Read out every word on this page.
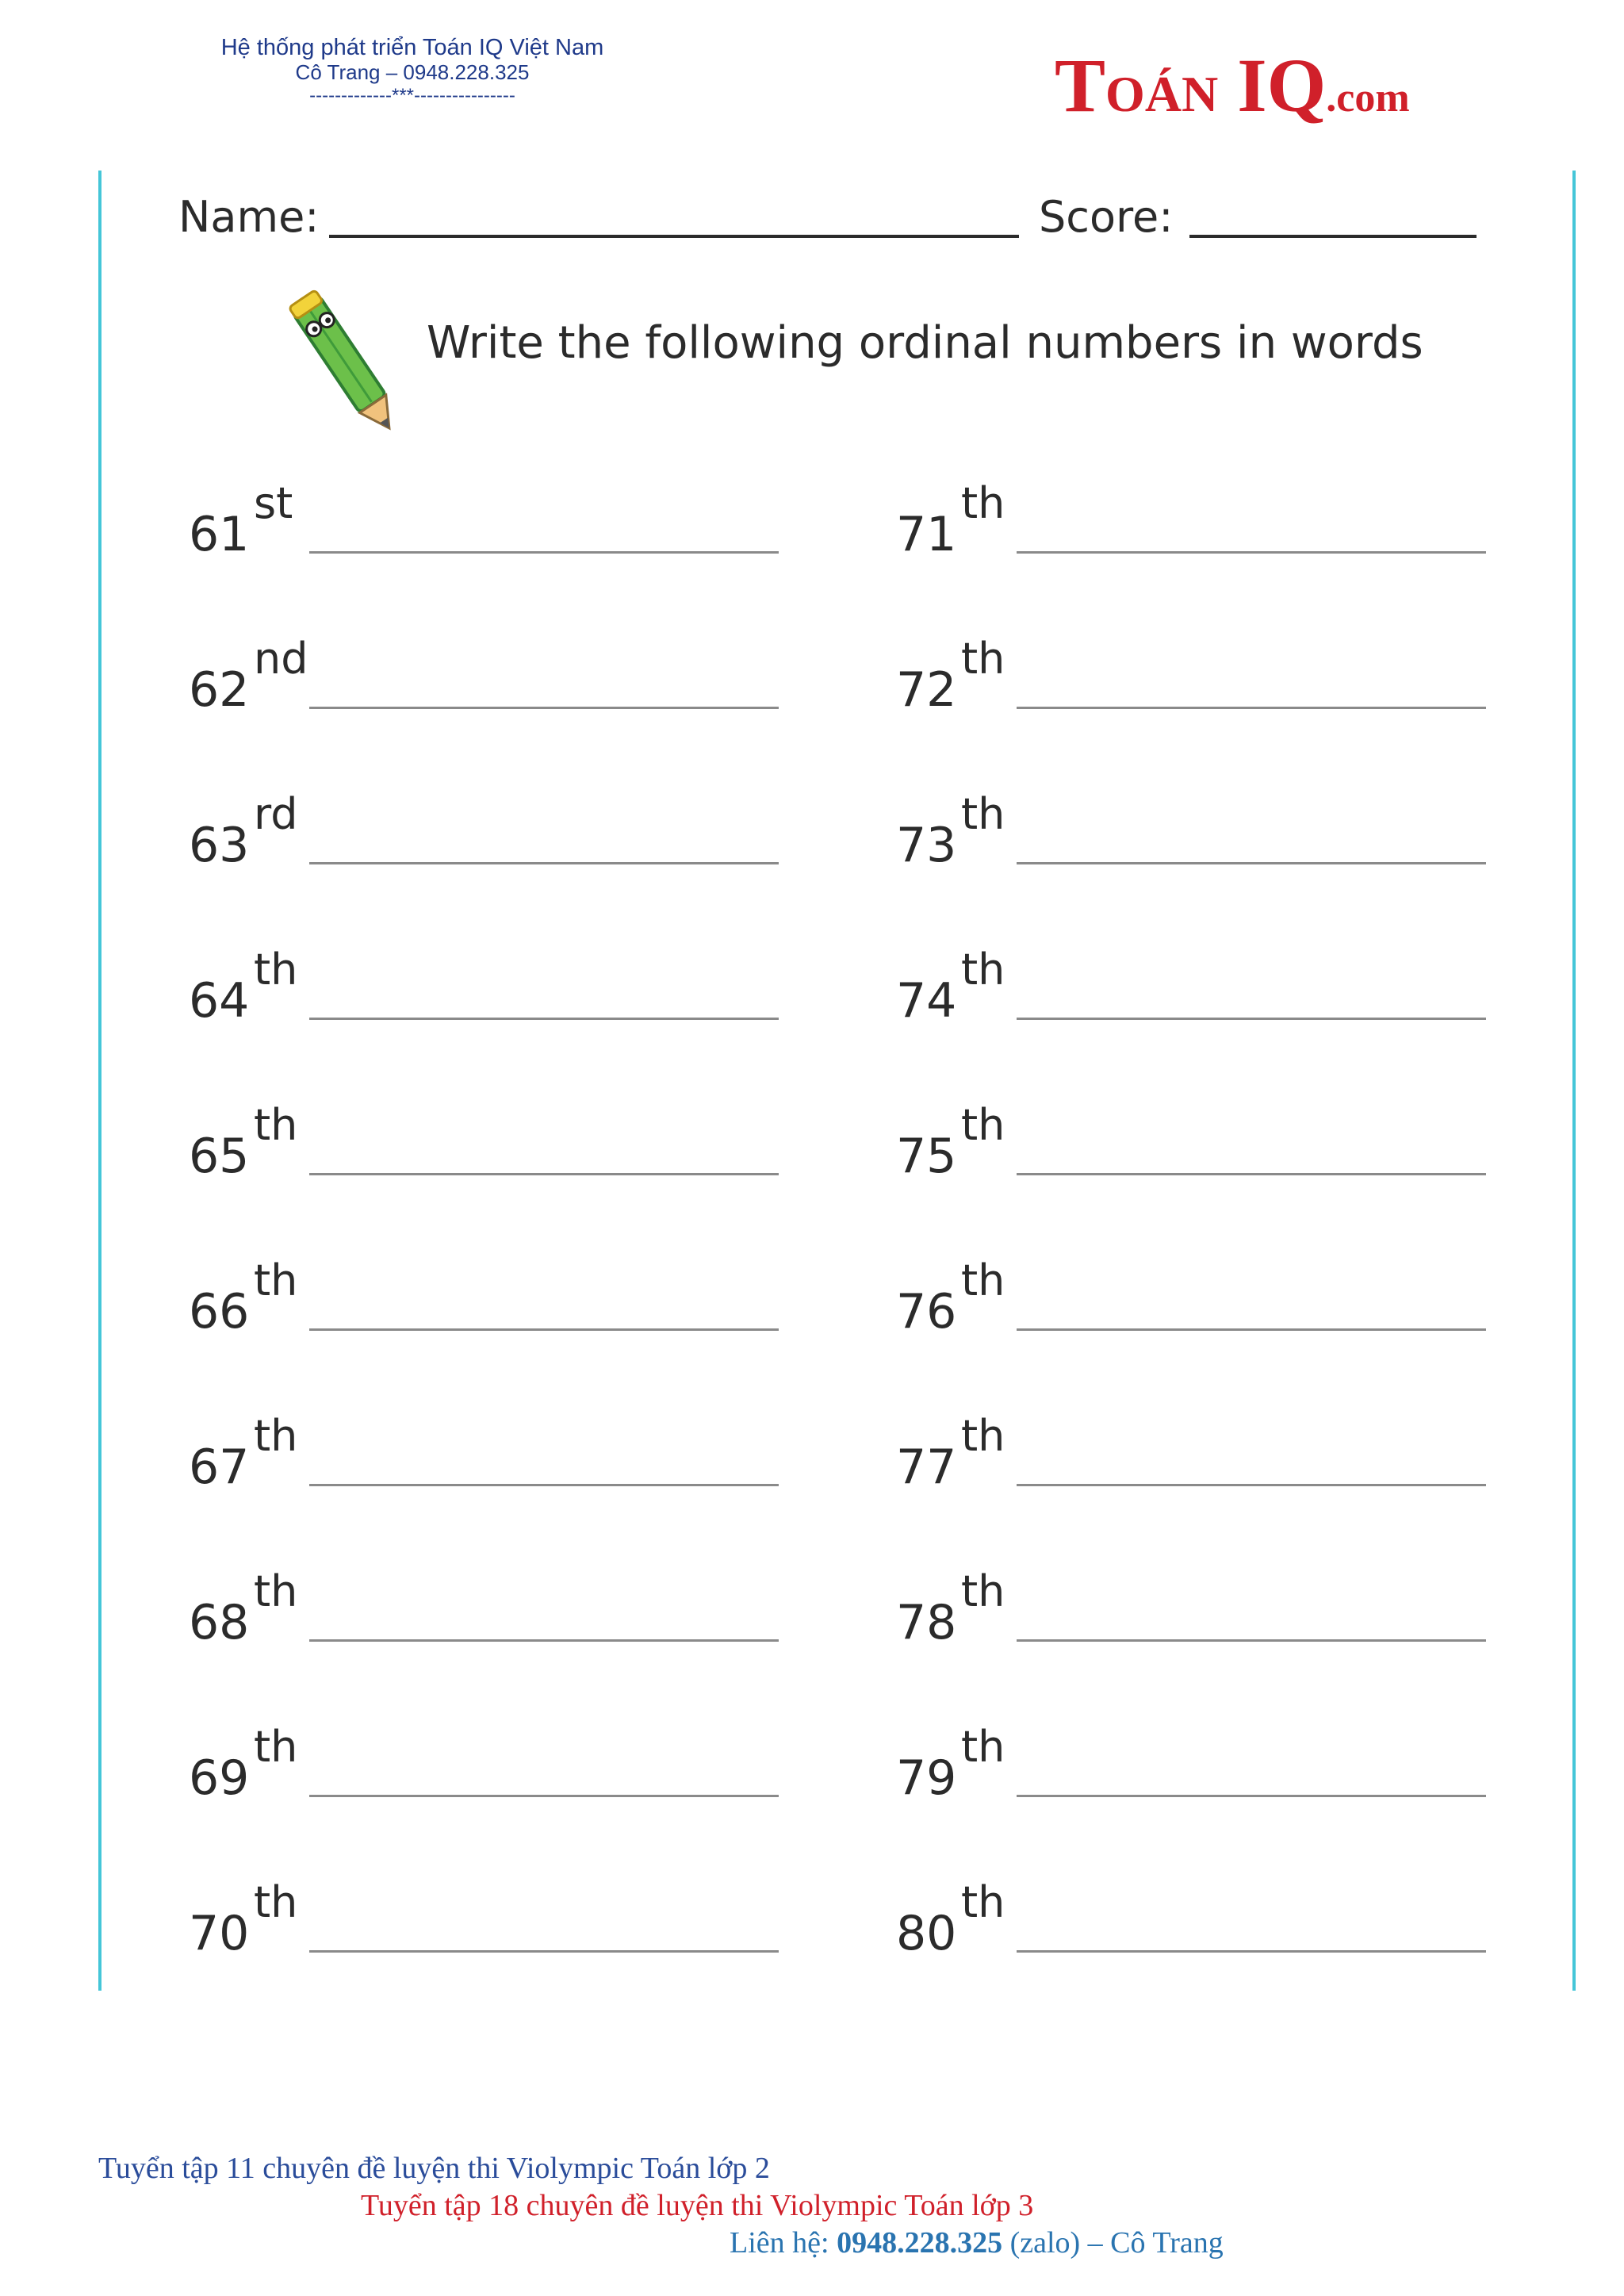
Hệ thống phát triển Toán IQ Việt Nam
Cô Trang – 0948.228.325
-------------***----------------	TOÁN IQ.com
Name:	Score:
Write the following ordinal numbers in words
61
st
62
nd
63
rd
64
th
65
th
66
th
67
th
68
th
69
th
70
th
71
th
72
th
73
th
74
th
75
th
76
th
77
th
78
th
79
th
80
th
Tuyển tập 11 chuyên đề luyện thi Violympic Toán lớp 2
Tuyển tập 18 chuyên đề luyện thi Violympic Toán lớp 3
Liên hệ: 0948.228.325 (zalo) – Cô Trang
